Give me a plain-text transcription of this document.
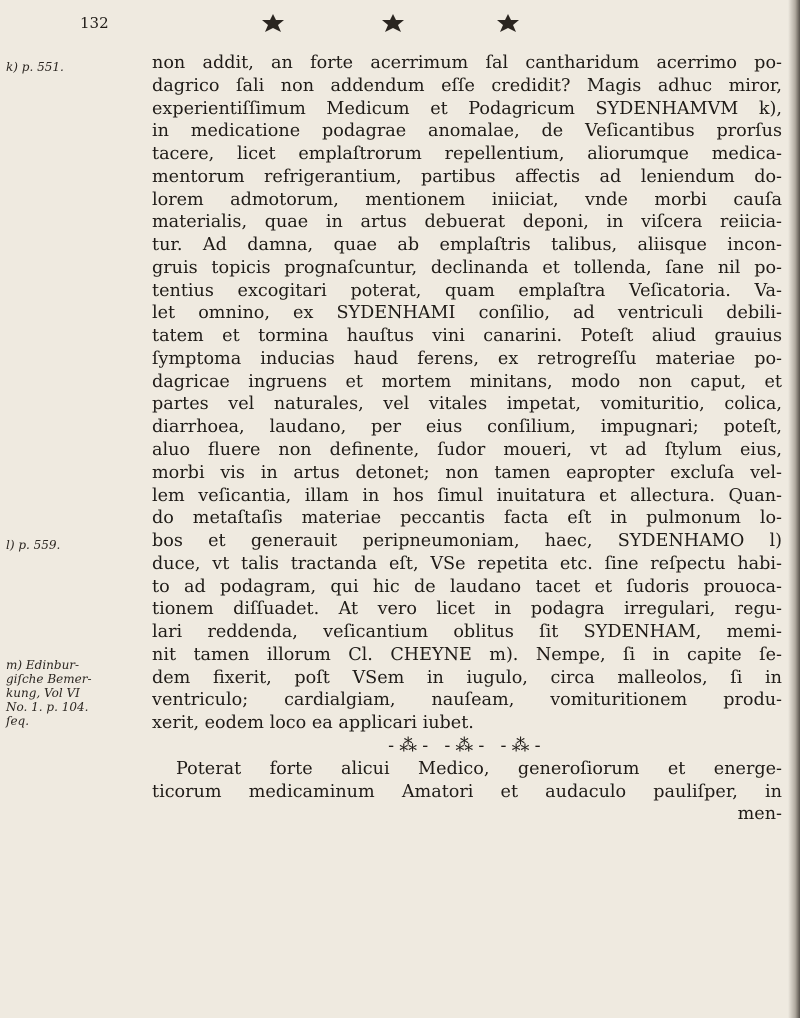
132
non addit, an forte acerrimum ſal cantharidum acerrimo po-
dagrico ſali non addendum eſſe credidit? Magis adhuc miror,
experientiſſimum Medicum et Podagricum SYDENHAMVM k),
in medicatione podagrae anomalae, de Veſicantibus prorſus
tacere, licet emplaſtrorum repellentium, aliorumque medica-
mentorum refrigerantium, partibus affectis ad leniendum do-
lorem admotorum, mentionem iniiciat, vnde morbi cauſa
materialis, quae in artus debuerat deponi, in viſcera reiicia-
tur. Ad damna, quae ab emplaſtris talibus, aliisque incon-
gruis topicis prognaſcuntur, declinanda et tollenda, ſane nil po-
tentius excogitari poterat, quam emplaſtra Veſicatoria. Va-
let omnino, ex SYDENHAMI conſilio, ad ventriculi debili-
tatem et tormina hauſtus vini canarini. Poteſt aliud grauius
ſymptoma inducias haud ferens, ex retrogreſſu materiae po-
dagricae ingruens et mortem minitans, modo non caput, et
partes vel naturales, vel vitales impetat, vomituritio, colica,
diarrhoea, laudano, per eius conſilium, impugnari; poteſt,
aluo fluere non definente, ſudor moueri, vt ad ſtylum eius,
morbi vis in artus detonet; non tamen eapropter excluſa vel-
lem veſicantia, illam in hos ſimul inuitatura et allectura. Quan-
do metaſtaſis materiae peccantis facta eſt in pulmonum lo-
bos et generauit peripneumoniam, haec, SYDENHAMO l)
duce, vt talis tractanda eſt, VSe repetita etc. ſine reſpectu habi-
to ad podagram, qui hic de laudano tacet et ſudoris prouoca-
tionem diſſuadet. At vero licet in podagra irregulari, regu-
lari reddenda, veſicantium oblitus ſit SYDENHAM, memi-
nit tamen illorum Cl. CHEYNE m). Nempe, ſi in capite ſe-
dem fixerit, poſt VSem in iugulo, circa malleolos, ſi in
ventriculo; cardialgiam, nauſeam, vomituritionem produ-
xerit, eodem loco ea applicari iubet.
-⁂- -⁂- -⁂-
Poterat forte alicui Medico, generoſiorum et energe-
ticorum medicaminum Amatori et audaculo pauliſper, in
men-
k) p. 551.
l) p. 559.
m) Edinbur-
giſche Bemer-
kung, Vol VI
No. 1. p. 104.
ſeq.
